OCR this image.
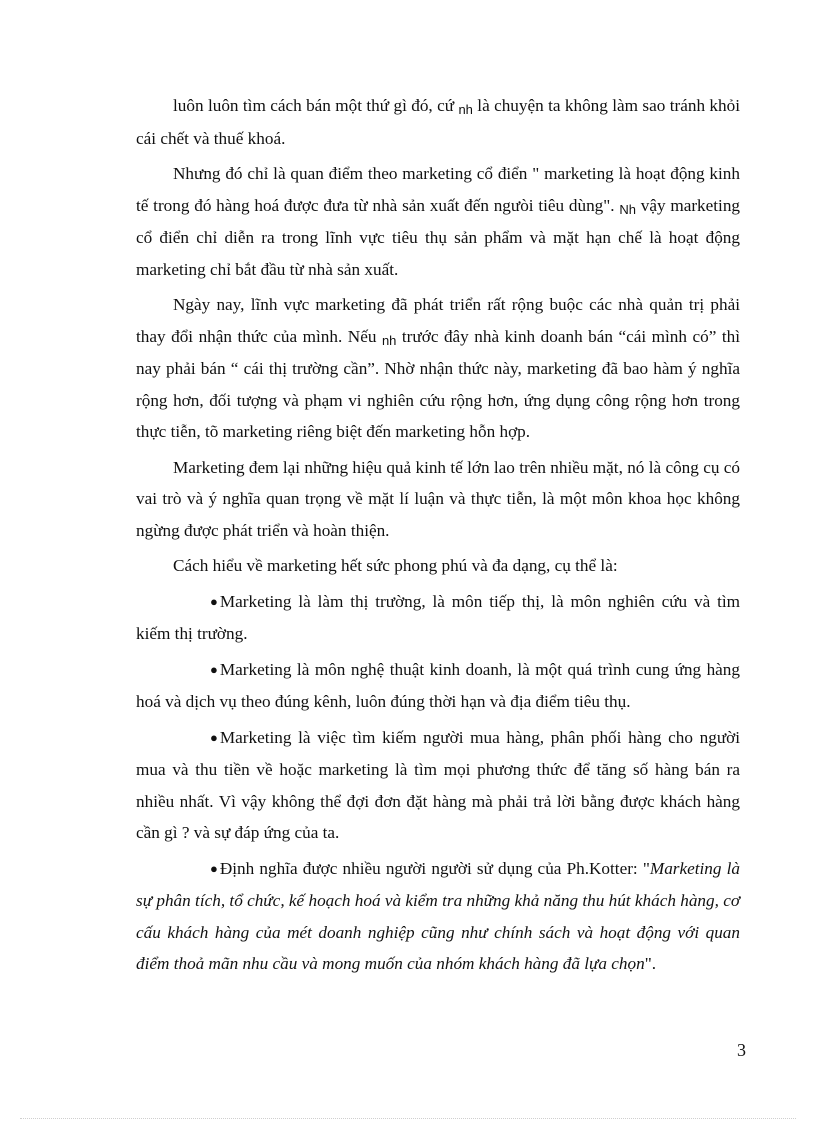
luôn luôn tìm cách bán một thứ gì đó, cứ nh là chuyện ta không làm sao tránh khỏi cái chết và thuế khoá.

Nhưng đó chỉ là quan điểm theo marketing cổ điển " marketing là hoạt động kinh tế trong đó hàng hoá được đưa từ nhà sản xuất đến ngưòi tiêu dùng". Nh vậy marketing cổ điển chỉ diễn ra trong lĩnh vực tiêu thụ sản phẩm và mặt hạn chế là hoạt động marketing chỉ bắt đầu từ nhà sản xuất.

Ngày nay, lĩnh vực marketing đã phát triển rất rộng buộc các nhà quản trị phải thay đổi nhận thức của mình. Nếu nh trước đây nhà kinh doanh bán “cái mình có” thì nay phải bán “ cái thị trường cần”. Nhờ nhận thức này, marketing đã bao hàm ý nghĩa rộng hơn, đối tượng và phạm vi nghiên cứu rộng hơn, ứng dụng công rộng hơn trong thực tiễn, tõ marketing riêng biệt đến marketing hỗn hợp.

Marketing đem lại những hiệu quả kinh tế lớn lao trên nhiều mặt, nó là công cụ có vai trò và ý nghĩa quan trọng về mặt lí luận và thực tiễn, là một môn khoa học không ngừng được phát triển và hoàn thiện.

Cách hiểu về marketing hết sức phong phú và đa dạng, cụ thể là:

● Marketing là làm thị trường, là môn tiếp thị, là môn nghiên cứu và tìm kiếm thị trường.

● Marketing là môn nghệ thuật kinh doanh, là một quá trình cung ứng hàng hoá và dịch vụ theo đúng kênh, luôn đúng thời hạn và địa điểm tiêu thụ.

● Marketing là việc tìm kiếm người mua hàng, phân phối hàng cho người mua và thu tiền về hoặc marketing là tìm mọi phương thức để tăng số hàng bán ra nhiều nhất. Vì vậy không thể đợi đơn đặt hàng mà phải trả lời bằng được khách hàng cần gì ? và sự đáp ứng của ta.

● Định nghĩa được nhiều người người sử dụng của Ph.Kotter: "Marketing là sự phân tích, tổ chức, kế hoạch hoá và kiểm tra những khả năng thu hút khách hàng, cơ cấu khách hàng của mét doanh nghiệp cũng như chính sách và hoạt động với quan điểm thoả mãn nhu cầu và mong muốn của nhóm khách hàng đã lựa chọn".

3
